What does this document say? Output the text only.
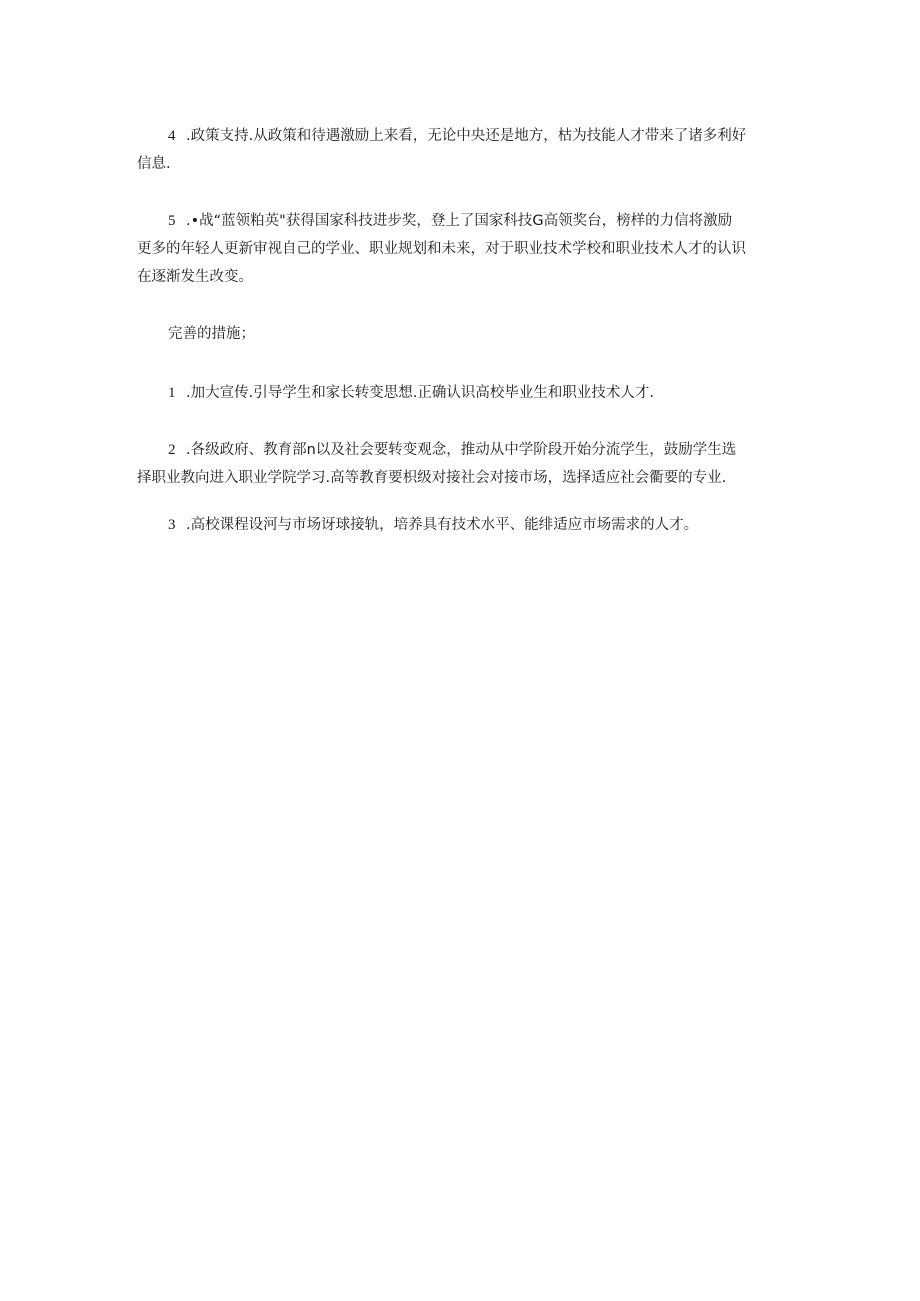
4 .政策支持.从政策和待遇激励上来看，无论中央还是地方，枯为技能人才带来了诸多利好
信息.

5 .•战“蓝领粕英"获得国家科技进步奖，登上了国家科技G高领奖台，榜样的力信将激励
更多的年轻人更新审视自己的学业、职业规划和未来，对于职业技术学校和职业技术人才的认识
在逐渐发生改变。

完善的措施；

1 .加大宣传.引导学生和家长转变思想.正确认识高校毕业生和职业技术人才.

2 .各级政府、教育部n以及社会要转变观念，推动从中学阶段开始分流学生，鼓励学生选
择职业教向进入职业学院学习.高等教育要枳级对接社会对接市场，选择适应社会衢要的专业.

3 .高校课程设河与市场讶球接轨，培养具有技术水平、能绯适应市场需求的人才。
